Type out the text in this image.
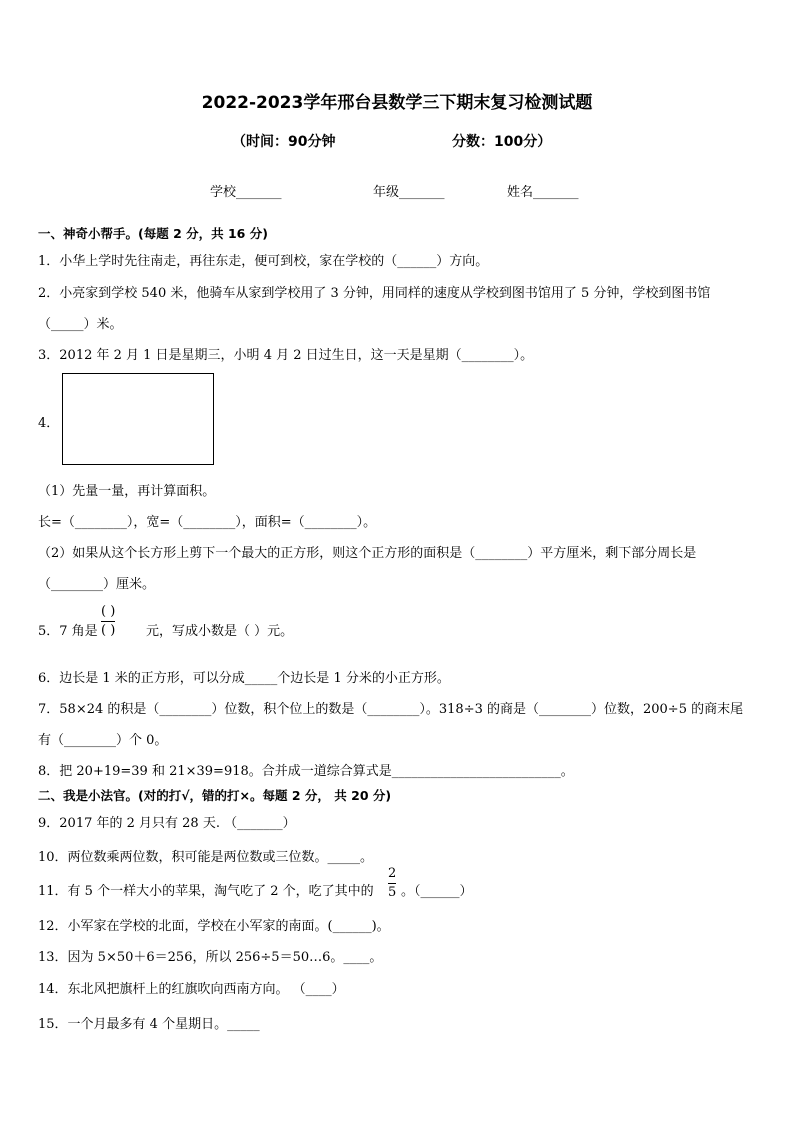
2022-2023学年邢台县数学三下期末复习检测试题
（时间：90分钟	分数：100分）
学校_______	年级_______	姓名_______
一、神奇小帮手。(每题 2 分，共 16 分)
1．小华上学时先往南走，再往东走，便可到校，家在学校的（______）方向。
2．小亮家到学校 540 米，他骑车从家到学校用了 3 分钟，用同样的速度从学校到图书馆用了 5 分钟，学校到图书馆
（_____）米。
3．2012 年 2 月 1 日是星期三，小明 4 月 2 日过生日，这一天是星期（________）。
4．
（1）先量一量，再计算面积。
长=（________），宽=（________），面积=（________）。
（2）如果从这个长方形上剪下一个最大的正方形，则这个正方形的面积是（________）平方厘米，剩下部分周长是
（________）厘米。
5．7 角是
( )
( ) 元，写成小数是（ ）元。
6．边长是 1 米的正方形，可以分成_____个边长是 1 分米的小正方形。
7．58×24 的积是（________）位数，积个位上的数是（________）。318÷3 的商是（________）位数，200÷5 的商末尾
有（________）个 0。
8．把 20+19=39 和 21×39=918。合并成一道综合算式是__________________________。
二、我是小法官。(对的打√，错的打×。每题 2 分， 共 20 分)
9．2017 年的 2 月只有 28 天. （_______）
10．两位数乘两位数，积可能是两位数或三位数。_____。
11．有 5 个一样大小的苹果，淘气吃了 2 个，吃了其中的
2
5 。（______）
12．小军家在学校的北面，学校在小军家的南面。(______)。
13．因为 5×50＋6＝256，所以 256÷5＝50…6。____。
14．东北风把旗杆上的红旗吹向西南方向。 （____）
15．一个月最多有 4 个星期日。_____
